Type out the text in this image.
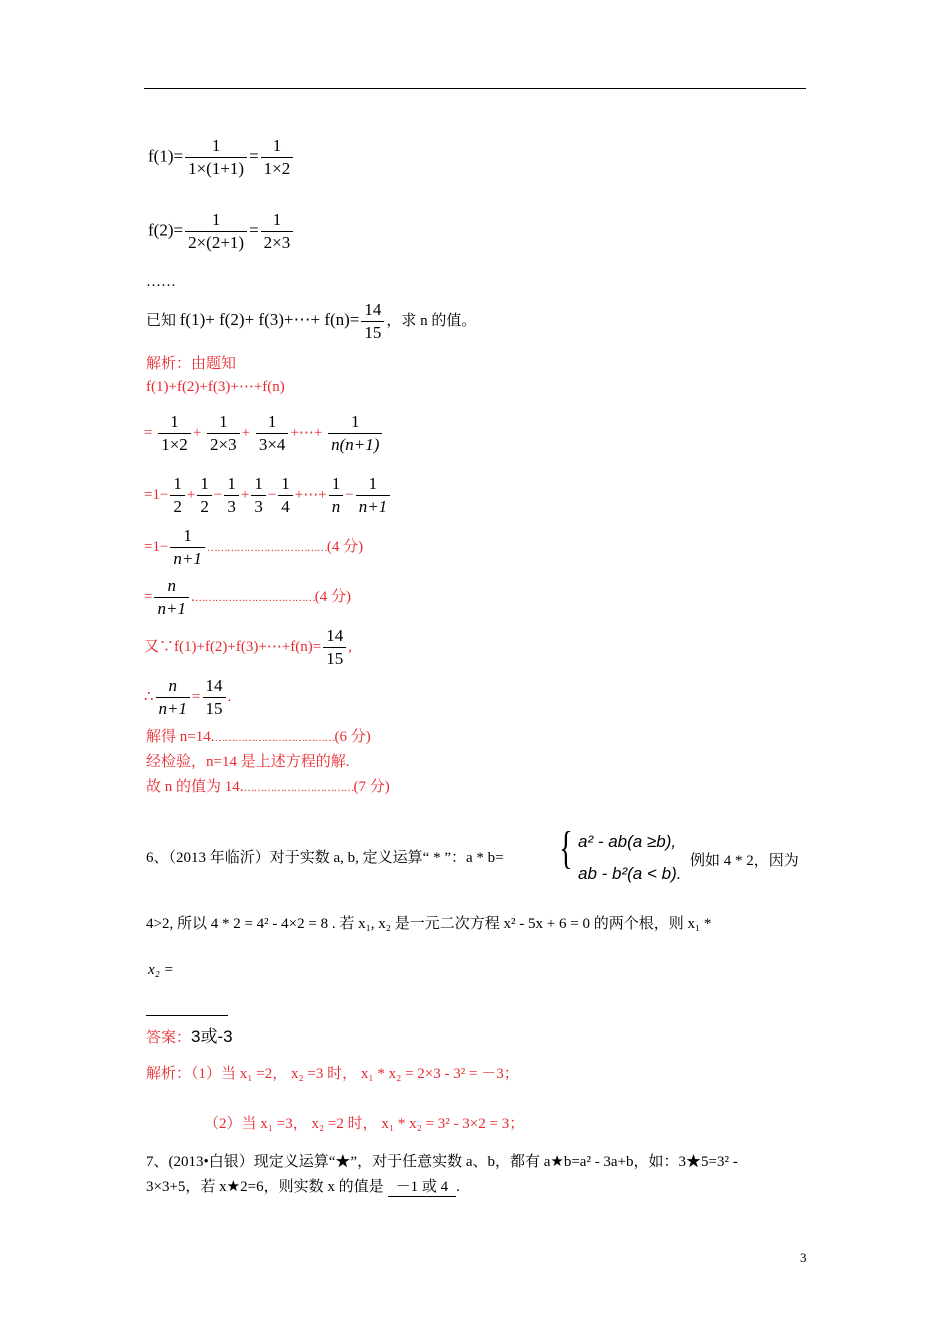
$f(1)= \frac{1}{1\times(1+1)} = \frac{1}{1\times 2}$
$f(2)= \frac{1}{2\times(2+1)} = \frac{1}{2\times 3}$
……
已知 f(1)+ f(2)+ f(3)+⋯+ $f(n)= \frac{14}{15}$ ，求 n 的值。
解析：由题知
f(1)+f(2)+f(3)+⋯+f(n)
= $\frac{1}{1\times 2} + \frac{1}{2\times 3} + \frac{1}{3\times 4}$ +⋯+ $\frac{1}{n(n+1)}$
$=1- \frac{1}{2} + \frac{1}{2} - \frac{1}{3} + \frac{1}{3} - \frac{1}{4}$ +⋯+ $\frac{1}{n} - \frac{1}{n+1}$
$=1- \frac{1}{n+1}$ ………………………………(4 分)
= $\frac{n}{n+1}$ .………………………………(4 分)
又∵f(1)+f(2)+f(3)+⋯+f(n)= $\frac{14}{15}$ ,
∴ $\frac{n}{n+1} = \frac{14}{15}$ .
解得 n=14.………………………………(6 分)
经检验，n=14 是上述方程的解.
故 n 的值为 14.……………………………(7 分)
6、（2013 年临沂）对于实数 a, b, 定义运算“ * ”：a * b= { a² - ab(a ≥b),
ab - b²(a < b).
例如 4 * 2，因为
4>2, 所以 4 * 2 = 4² - 4×2 = 8 . 若 x₁, x₂ 是一元二次方程 x² - 5x + 6 = 0 的两个根，则 x₁ *
x₂ =
答案：3或-3
解析：（1）当 x₁ =2， x₂ =3 时， x₁ * x₂ = 2×3 - 3² = －3；
（2）当 x₁ =3， x₂ =2 时， x₁ * x₂ = 3² - 3×2 = 3；
7、(2013•白银）现定义运算“★”，对于任意实数 a、b，都有 a★b=a² - 3a+b，如：3★5=3² -
3×3+5，若 x★2=6，则实数 x 的值是 －1 或 4 .
3
